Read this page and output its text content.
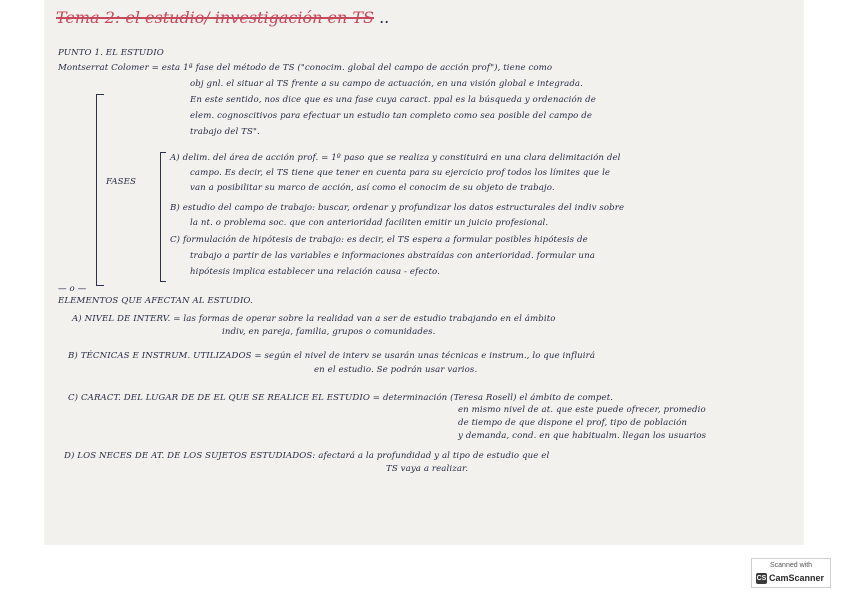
Tema 2: el estudio/ investigación en TS ..
PUNTO 1. EL ESTUDIO
Montserrat Colomer = esta 1ª fase del método de TS ("conocim. global del campo de acción prof"), tiene como
obj gnl. el situar al TS frente a su campo de actuación, en una visión global e integrada.
En este sentido, nos dice que es una fase cuya caract. ppal es la búsqueda y ordenación de
elem. cognoscitivos para efectuar un estudio tan completo como sea posible del campo de
trabajo del TS".
FASES
A) delim. del área de acción prof. = 1º paso que se realiza y constituirá en una clara delimitación del
campo. Es decir, el TS tiene que tener en cuenta para su ejercicio prof todos los límites que le
van a posibilitar su marco de acción, así como el conocim de su objeto de trabajo.
B) estudio del campo de trabajo: buscar, ordenar y profundizar los datos estructurales del indiv sobre
la nt. o problema soc. que con anterioridad faciliten emitir un juicio profesional.
C) formulación de hipótesis de trabajo: es decir, el TS espera a formular posibles hipótesis de
trabajo a partir de las variables e informaciones abstraídas con anterioridad. formular una
hipótesis implica establecer una relación causa - efecto.
— o —
ELEMENTOS QUE AFECTAN AL ESTUDIO.
A) NIVEL DE INTERV. = las formas de operar sobre la realidad van a ser de estudio trabajando en el ámbito
indiv, en pareja, familia, grupos o comunidades.
B) TÉCNICAS E INSTRUM. UTILIZADOS = según el nivel de interv se usarán unas técnicas e instrum., lo que influirá
en el estudio. Se podrán usar varios.
C) CARACT. DEL LUGAR DE DE EL QUE SE REALICE EL ESTUDIO = determinación (Teresa Rosell) el ámbito de compet.
en mismo nivel de at. que este puede ofrecer, promedio
de tiempo de que dispone el prof, tipo de población
y demanda, cond. en que habitualm. llegan los usuarios
D) LOS NECES DE AT. DE LOS SUJETOS ESTUDIADOS: afectará a la profundidad y al tipo de estudio que el
TS vaya a realizar.
Scanned with
CS CamScanner
